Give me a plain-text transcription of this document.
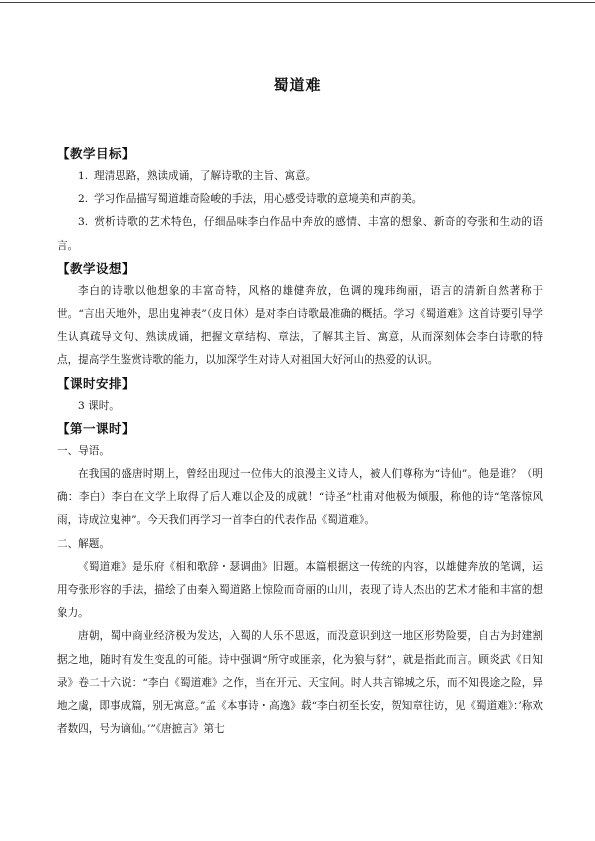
蜀道难
【教学目标】
1. 理清思路，熟读成诵，了解诗歌的主旨、寓意。
2. 学习作品描写蜀道雄奇险峻的手法，用心感受诗歌的意境美和声韵美。
3. 赏析诗歌的艺术特色，仔细品味李白作品中奔放的感情、丰富的想象、新奇的夸张和生动的语言。
【教学设想】
李白的诗歌以他想象的丰富奇特，风格的雄健奔放，色调的瑰玮绚丽，语言的清新自然著称于世。“言出天地外，思出鬼神表”（皮日休）是对李白诗歌最准确的概括。学习《蜀道难》这首诗要引导学生认真疏导文句、熟读成诵，把握文章结构、章法，了解其主旨、寓意，从而深刻体会李白诗歌的特点，提高学生鉴赏诗歌的能力，以加深学生对诗人对祖国大好河山的热爱的认识。
【课时安排】
3 课时。
【第一课时】
一、导语。
在我国的盛唐时期上，曾经出现过一位伟大的浪漫主义诗人，被人们尊称为“诗仙”。他是谁？（明确：李白）李白在文学上取得了后人难以企及的成就！“诗圣”杜甫对他极为倾服，称他的诗“笔落惊风雨，诗成泣鬼神”。今天我们再学习一首李白的代表作品《蜀道难》。
二、解题。
《蜀道难》是乐府《相和歌辞・瑟调曲》旧题。本篇根据这一传统的内容，以雄健奔放的笔调，运用夸张形容的手法，描绘了由秦入蜀道路上惊险而奇丽的山川，表现了诗人杰出的艺术才能和丰富的想象力。
唐朝，蜀中商业经济极为发达，入蜀的人乐不思返，而没意识到这一地区形势险要，自古为封建割据之地，随时有发生变乱的可能。诗中强调“所守或匪亲，化为狼与豺”，就是指此而言。顾炎武《日知录》卷二十六说：“李白《蜀道难》之作，当在开元、天宝间。时人共言锦城之乐，而不知畏途之险，异地之虞，即事成篇，别无寓意。”孟《本事诗・高逸》载“李白初至长安，贺知章往访，见《蜀道难》：’称欢者数四，号为谪仙。’”《唐摭言》第七
